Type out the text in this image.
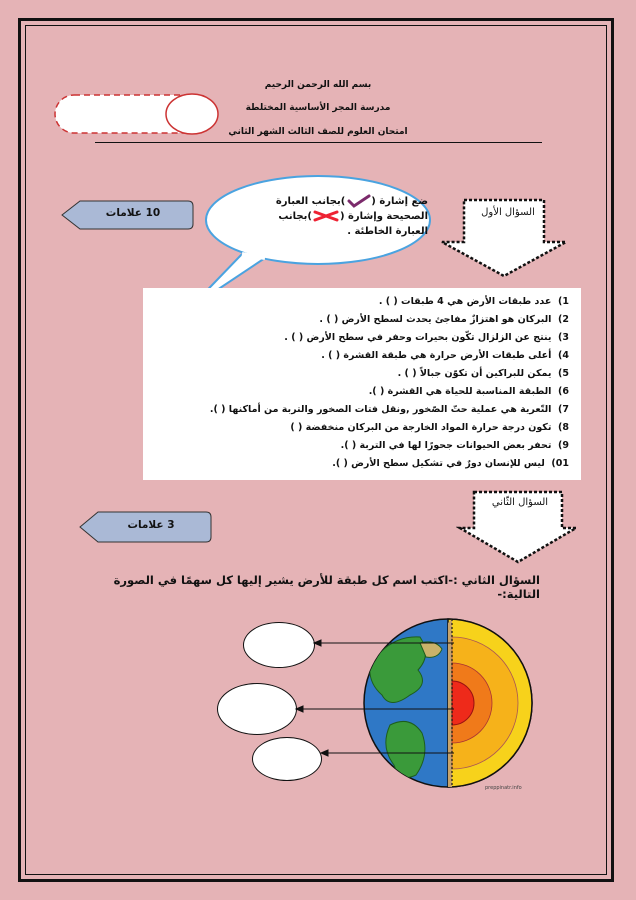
بسم الله الرحمن الرحيم
مدرسة المجر الأساسية المختلطة
امتحان العلوم للصف الثالث الشهر الثاني
10 علامات
ضع إشارة ()بجانب العبارة
الصحيحة وإشارة ()بجانب
العبارة الخاطئة .
السؤال الأول
1)  عدد طبقات الأرض هي 4 طبقات ( ) .
2)  البركان هو اهتزازٌ مفاجئ يحدث لسطح الأرض ( ) .
3)  ينتج عن الزلزال تكّون بحيرات وحفر في سطح الأرض ( ) .
4)  أعلى طبقات الأرض حرارة هي طبقة القشرة ( ) .
5)  يمكن للبراكين أن تكوّن جبالاً ( ) .
6)  الطبقة المناسبة للحياة هي القشرة ( ).
7)  التّعرية هي عملية حتّ الصّخور ,ونقل فتات الصخور والتربة من أماكنها ( ).
8)  تكون درجة حرارة المواد الخارجة من البركان منخفضة ( )
9)  تحفر بعض الحيوانات جحورًا لها في التربة ( ).
01)  ليس للإنسان دورٌ في تشكيل سطح الأرض ( ).
السؤال الثّاني
3 علامات
السؤال الثاني :-اكتب اسم كل طبقة للأرض يشير إليها كل سهمًا في الصورة التالية:-
preppinatr.info
